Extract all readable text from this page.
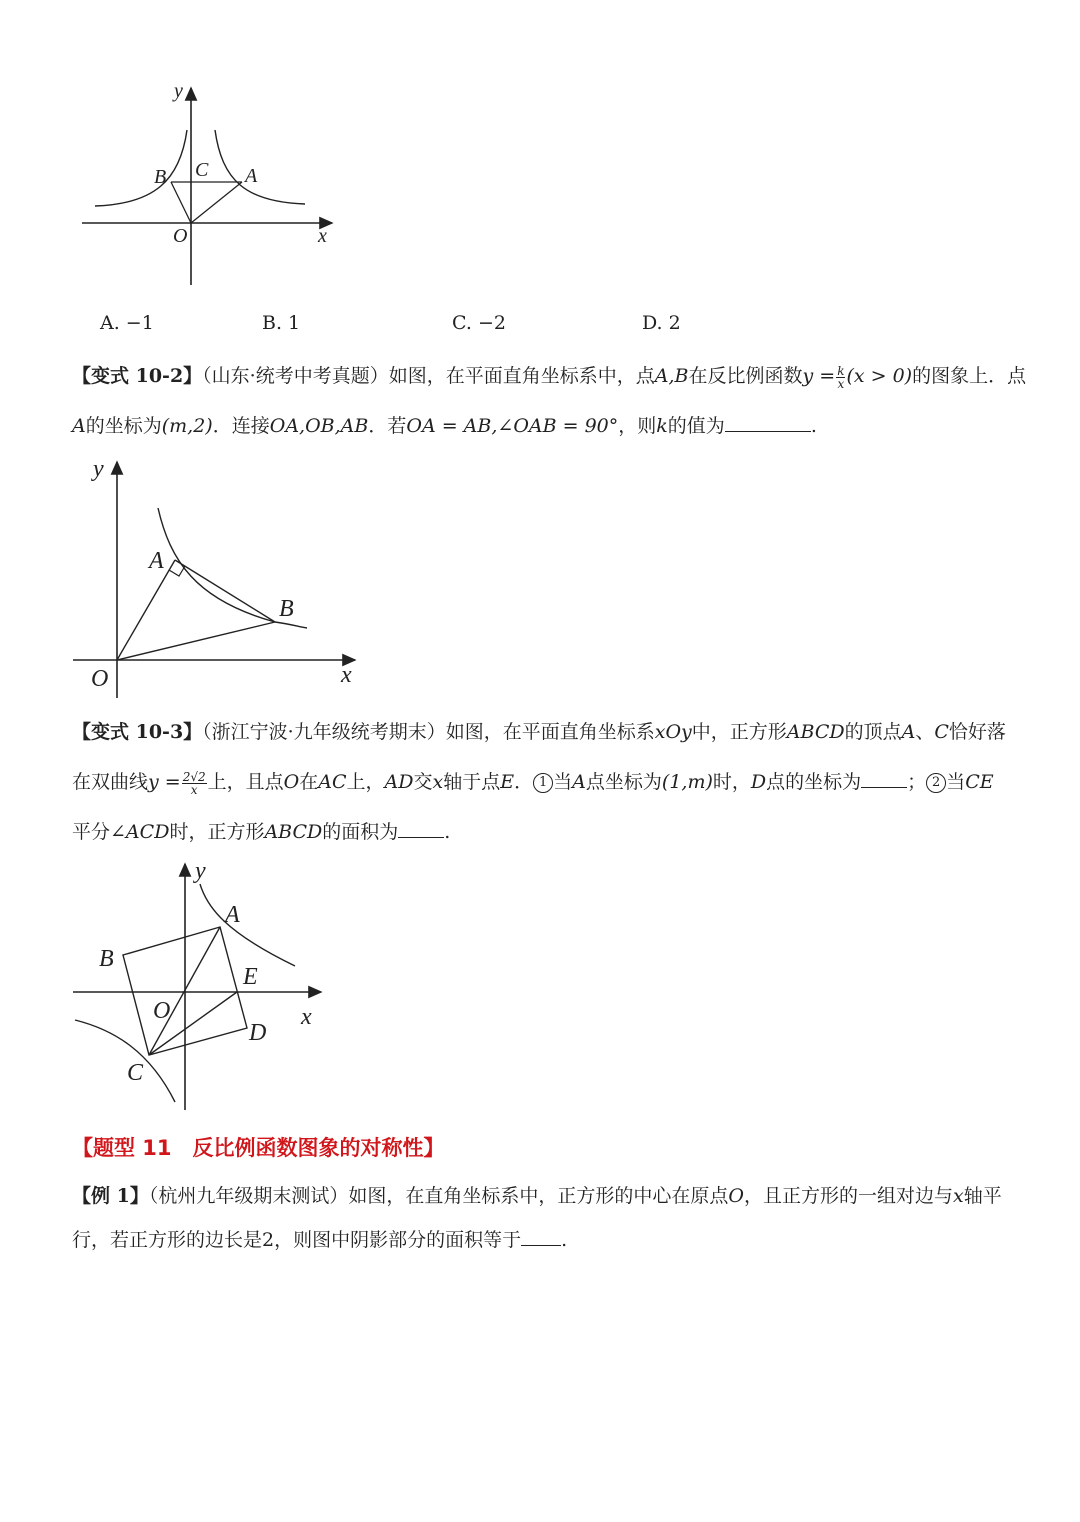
y
x
O
A
B C
A. −1	B. 1	C. −2	D. 2
【变式 10-2】（山东·统考中考真题）如图，在平面直角坐标系中，点A,B在反比例函数$y = \frac{k}{x} (x > 0)$的图象上．点
A的坐标为(m,2)．连接OA,OB,AB．若OA = AB,∠OAB = 90°，则k的值为	.
y
x
O
A
B
【变式 10-3】（浙江宁波·九年级统考期末）如图，在平面直角坐标系xOy中，正方形ABCD的顶点A、C恰好落
在双曲线$y = \frac{2√2}{x}$ 上，且点O在AC上，AD交x轴于点E． 1 当A点坐标为(1,m)时，D点的坐标为 ； 2 当CE
平分∠ACD时，正方形ABCD的面积为 .
y
x
O
A
B
C
D
E
【题型 11　反比例函数图象的对称性】
【例 1】（杭州九年级期末测试）如图，在直角坐标系中，正方形的中心在原点O，且正方形的一组对边与x轴平
行，若正方形的边长是2，则图中阴影部分的面积等于 .
